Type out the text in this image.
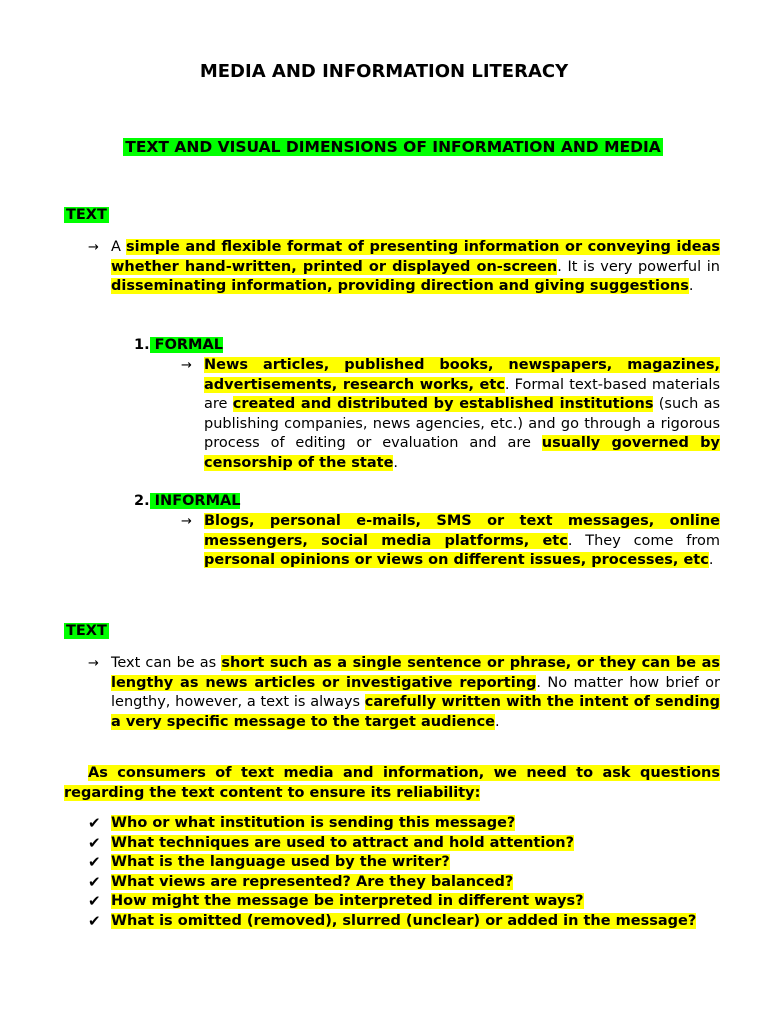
MEDIA AND INFORMATION LITERACY
TEXT AND VISUAL DIMENSIONS OF INFORMATION AND MEDIA
TEXT
→ A simple and flexible format of presenting information or conveying ideas whether hand-written, printed or displayed on-screen. It is very powerful in disseminating information, providing direction and giving suggestions.
1. FORMAL
→ News articles, published books, newspapers, magazines, advertisements, research works, etc. Formal text-based materials are created and distributed by established institutions (such as publishing companies, news agencies, etc.) and go through a rigorous process of editing or evaluation and are usually governed by censorship of the state.
2. INFORMAL
→ Blogs, personal e-mails, SMS or text messages, online messengers, social media platforms, etc. They come from personal opinions or views on different issues, processes, etc.
TEXT
→ Text can be as short such as a single sentence or phrase, or they can be as lengthy as news articles or investigative reporting. No matter how brief or lengthy, however, a text is always carefully written with the intent of sending a very specific message to the target audience.
As consumers of text media and information, we need to ask questions regarding the text content to ensure its reliability:
✔ Who or what institution is sending this message?
✔ What techniques are used to attract and hold attention?
✔ What is the language used by the writer?
✔ What views are represented? Are they balanced?
✔ How might the message be interpreted in different ways?
✔ What is omitted (removed), slurred (unclear) or added in the message?
